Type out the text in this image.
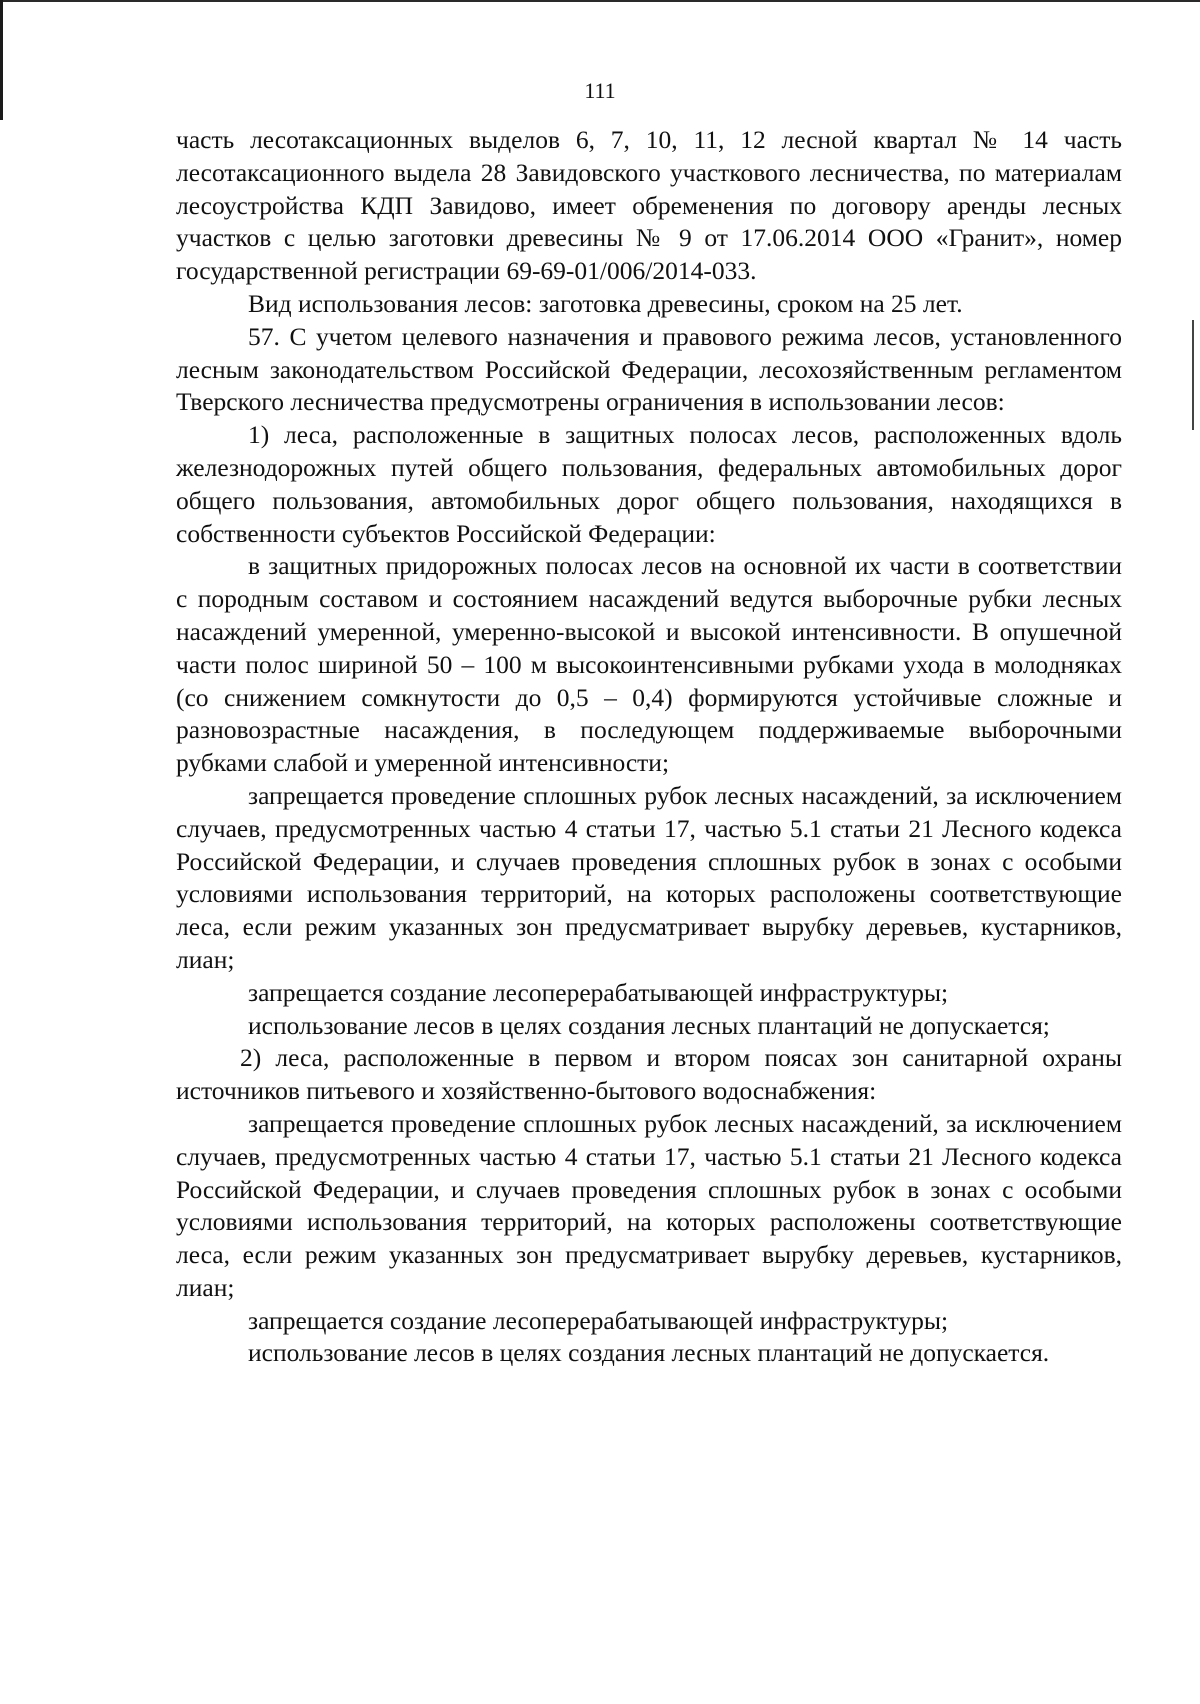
111

часть лесотаксационных выделов 6, 7, 10, 11, 12 лесной квартал № 14 часть лесотаксационного выдела 28 Завидовского участкового лесничества, по материалам лесоустройства КДП Завидово, имеет обременения по договору аренды лесных участков с целью заготовки древесины № 9 от 17.06.2014 ООО «Гранит», номер государственной регистрации 69-69-01/006/2014-033.

Вид использования лесов: заготовка древесины, сроком на 25 лет.

57. С учетом целевого назначения и правового режима лесов, установленного лесным законодательством Российской Федерации, лесохозяйственным регламентом Тверского лесничества предусмотрены ограничения в использовании лесов:

1) леса, расположенные в защитных полосах лесов, расположенных вдоль железнодорожных путей общего пользования, федеральных автомобильных дорог общего пользования, автомобильных дорог общего пользования, находящихся в собственности субъектов Российской Федерации:

в защитных придорожных полосах лесов на основной их части в соответствии с породным составом и состоянием насаждений ведутся выборочные рубки лесных насаждений умеренной, умеренно-высокой и высокой интенсивности. В опушечной части полос шириной 50 – 100 м высокоинтенсивными рубками ухода в молодняках (со снижением сомкнутости до 0,5 – 0,4) формируются устойчивые сложные и разновозрастные насаждения, в последующем поддерживаемые выборочными рубками слабой и умеренной интенсивности;

запрещается проведение сплошных рубок лесных насаждений, за исключением случаев, предусмотренных частью 4 статьи 17, частью 5.1 статьи 21 Лесного кодекса Российской Федерации, и случаев проведения сплошных рубок в зонах с особыми условиями использования территорий, на которых расположены соответствующие леса, если режим указанных зон предусматривает вырубку деревьев, кустарников, лиан;

запрещается создание лесоперерабатывающей инфраструктуры;

использование лесов в целях создания лесных плантаций не допускается;

2) леса, расположенные в первом и втором поясах зон санитарной охраны источников питьевого и хозяйственно-бытового водоснабжения:

запрещается проведение сплошных рубок лесных насаждений, за исключением случаев, предусмотренных частью 4 статьи 17, частью 5.1 статьи 21 Лесного кодекса Российской Федерации, и случаев проведения сплошных рубок в зонах с особыми условиями использования территорий, на которых расположены соответствующие леса, если режим указанных зон предусматривает вырубку деревьев, кустарников, лиан;

запрещается создание лесоперерабатывающей инфраструктуры;

использование лесов в целях создания лесных плантаций не допускается.
